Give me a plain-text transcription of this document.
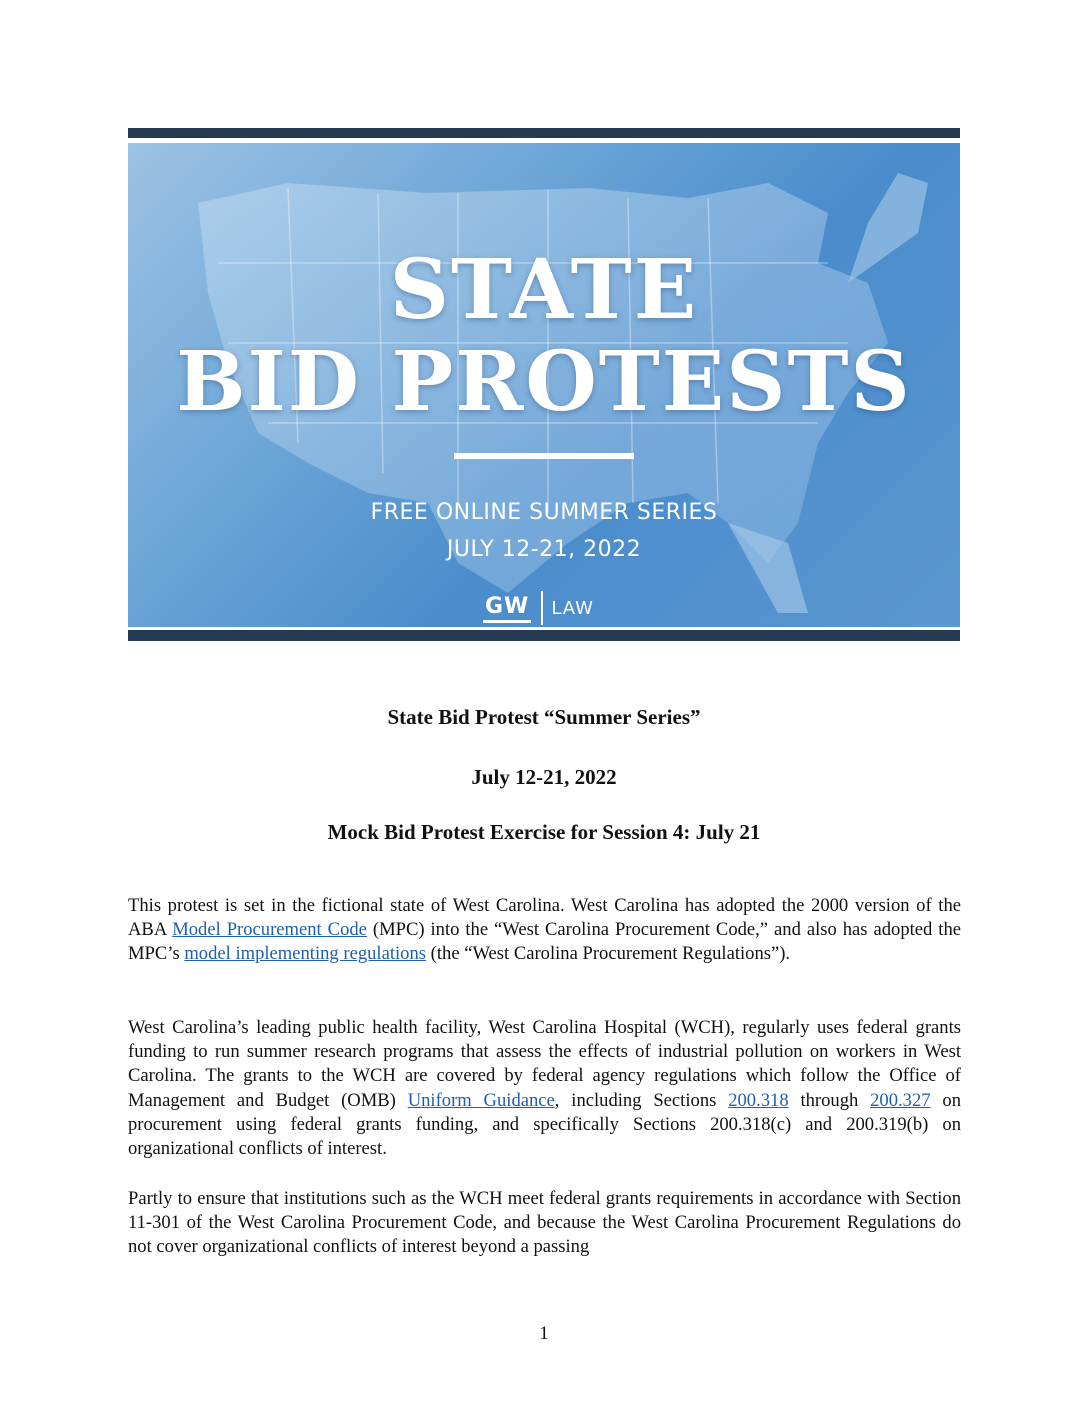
STATE
BID PROTESTS
FREE ONLINE SUMMER SERIES
JULY 12-21, 2022
GW LAW
State Bid Protest “Summer Series”
July 12-21, 2022
Mock Bid Protest Exercise for Session 4: July 21

This protest is set in the fictional state of West Carolina. West Carolina has adopted the 2000 version of the ABA Model Procurement Code (MPC) into the “West Carolina Procurement Code,” and also has adopted the MPC’s model implementing regulations (the “West Carolina Procurement Regulations”).

West Carolina’s leading public health facility, West Carolina Hospital (WCH), regularly uses federal grants funding to run summer research programs that assess the effects of industrial pollution on workers in West Carolina. The grants to the WCH are covered by federal agency regulations which follow the Office of Management and Budget (OMB) Uniform Guidance, including Sections 200.318 through 200.327 on procurement using federal grants funding, and specifically Sections 200.318(c) and 200.319(b) on organizational conflicts of interest.

Partly to ensure that institutions such as the WCH meet federal grants requirements in accordance with Section 11-301 of the West Carolina Procurement Code, and because the West Carolina Procurement Regulations do not cover organizational conflicts of interest beyond a passing

1
